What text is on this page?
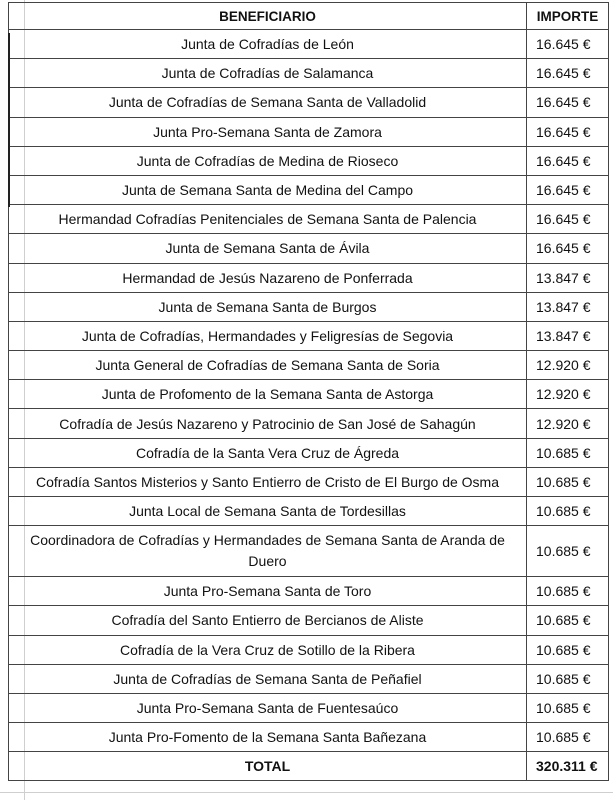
BENEFICIARIO	IMPORTE
Junta de Cofradías de León	16.645 €
Junta de Cofradías de Salamanca	16.645 €
Junta de Cofradías de Semana Santa de Valladolid	16.645 €
Junta Pro-Semana Santa de Zamora	16.645 €
Junta de Cofradías de Medina de Rioseco	16.645 €
Junta de Semana Santa de Medina del Campo	16.645 €
Hermandad Cofradías Penitenciales de Semana Santa de Palencia	16.645 €
Junta de Semana Santa de Ávila	16.645 €
Hermandad de Jesús Nazareno de Ponferrada	13.847 €
Junta de Semana Santa de Burgos	13.847 €
Junta de Cofradías, Hermandades y Feligresías de Segovia	13.847 €
Junta General de Cofradías de Semana Santa de Soria	12.920 €
Junta de Profomento de la Semana Santa de Astorga	12.920 €
Cofradía de Jesús Nazareno y Patrocinio de San José de Sahagún	12.920 €
Cofradía de la Santa Vera Cruz de Ágreda	10.685 €
Cofradía Santos Misterios y Santo Entierro de Cristo de El Burgo de Osma	10.685 €
Junta Local de Semana Santa de Tordesillas	10.685 €
Coordinadora de Cofradías y Hermandades de Semana Santa de Aranda de Duero	10.685 €
Junta Pro-Semana Santa de Toro	10.685 €
Cofradía del Santo Entierro de Bercianos de Aliste	10.685 €
Cofradía de la Vera Cruz de Sotillo de la Ribera	10.685 €
Junta de Cofradías de Semana Santa de Peñafiel	10.685 €
Junta Pro-Semana Santa de Fuentesaúco	10.685 €
Junta Pro-Fomento de la Semana Santa Bañezana	10.685 €
TOTAL	320.311 €
